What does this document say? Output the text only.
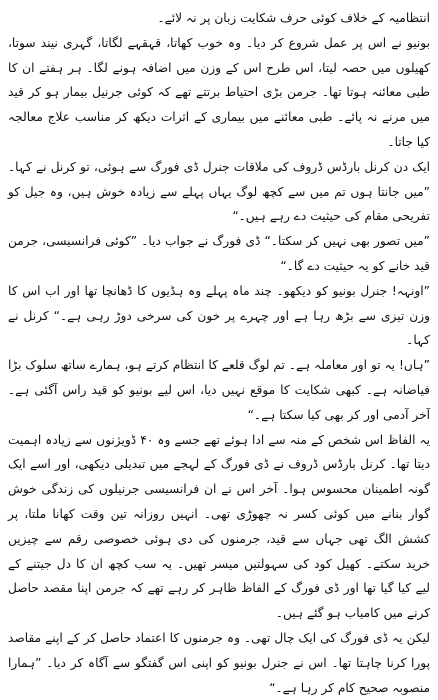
انتظامیہ کے خلاف کوئی حرف شکایت زبان پر نہ لائے۔

بونیو نے اس پر عمل شروع کر دیا۔ وہ خوب کھاتا، قہقہے لگاتا، گہری نیند سوتا، کھیلوں میں حصہ لیتا، اس طرح اس کے وزن میں اضافہ ہونے لگا۔ ہر ہفتے ان کا طبی معائنہ ہوتا تھا۔ جرمن بڑی احتیاط برتتے تھے کہ کوئی جرنیل بیمار ہو کر قید میں مرنے نہ پائے۔ طبی معائنے میں بیماری کے اثرات دیکھ کر مناسب علاج معالجہ کیا جاتا۔

ایک دن کرنل بارڈس ڈروف کی ملاقات جنرل ڈی فورگ سے ہوئی، تو کرنل نے کہا۔ ”میں جانتا ہوں تم میں سے کچھ لوگ یہاں پہلے سے زیادہ خوش ہیں، وہ جیل کو تفریحی مقام کی حیثیت دے رہے ہیں۔“

”میں تصور بھی نہیں کر سکتا۔“ ڈی فورگ نے جواب دیا۔ ”کوئی فرانسیسی، جرمن قید خانے کو یہ حیثیت دے گا۔“

”اونہہ! جنرل بونیو کو دیکھو۔ چند ماہ پہلے وہ ہڈیوں کا ڈھانچا تھا اور اب اس کا وزن تیزی سے بڑھ رہا ہے اور چہرے پر خون کی سرخی دوڑ رہی ہے۔“ کرنل نے کہا۔

”ہاں! یہ تو اور معاملہ ہے۔ تم لوگ قلعے کا انتظام کرتے ہو، ہمارے ساتھ سلوک بڑا فیاضانہ ہے۔ کبھی شکایت کا موقع نہیں دیا، اس لیے بونیو کو قید راس آگئی ہے۔ آخر آدمی اور کر بھی کیا سکتا ہے۔“

یہ الفاظ اس شخص کے منہ سے ادا ہوئے تھے جسے وہ ۴۰ ڈویژنوں سے زیادہ اہمیت دیتا تھا۔ کرنل بارڈس ڈروف نے ڈی فورگ کے لہجے میں تبدیلی دیکھی، اور اسے ایک گونہ اطمینان محسوس ہوا۔ آخر اس نے ان فرانسیسی جرنیلوں کی زندگی خوش گوار بنانے میں کوئی کسر نہ چھوڑی تھی۔ انہیں روزانہ تین وقت کھانا ملتا، پر کشش الگ تھی جہاں سے قید، جرمنوں کی دی ہوئی خصوصی رقم سے چیزیں خرید سکتے۔ کھیل کود کی سہولتیں میسر تھیں۔ یہ سب کچھ ان کا دل جیتنے کے لیے کیا گیا تھا اور ڈی فورگ کے الفاظ ظاہر کر رہے تھے کہ جرمن اپنا مقصد حاصل کرنے میں کامیاب ہو گئے ہیں۔

لیکن یہ ڈی فورگ کی ایک چال تھی۔ وہ جرمنوں کا اعتماد حاصل کر کے اپنے مقاصد پورا کرنا چاہتا تھا۔ اس نے جنرل بونیو کو اپنی اس گفتگو سے آگاہ کر دیا۔ ”ہمارا منصوبہ صحیح کام کر رہا ہے۔“
